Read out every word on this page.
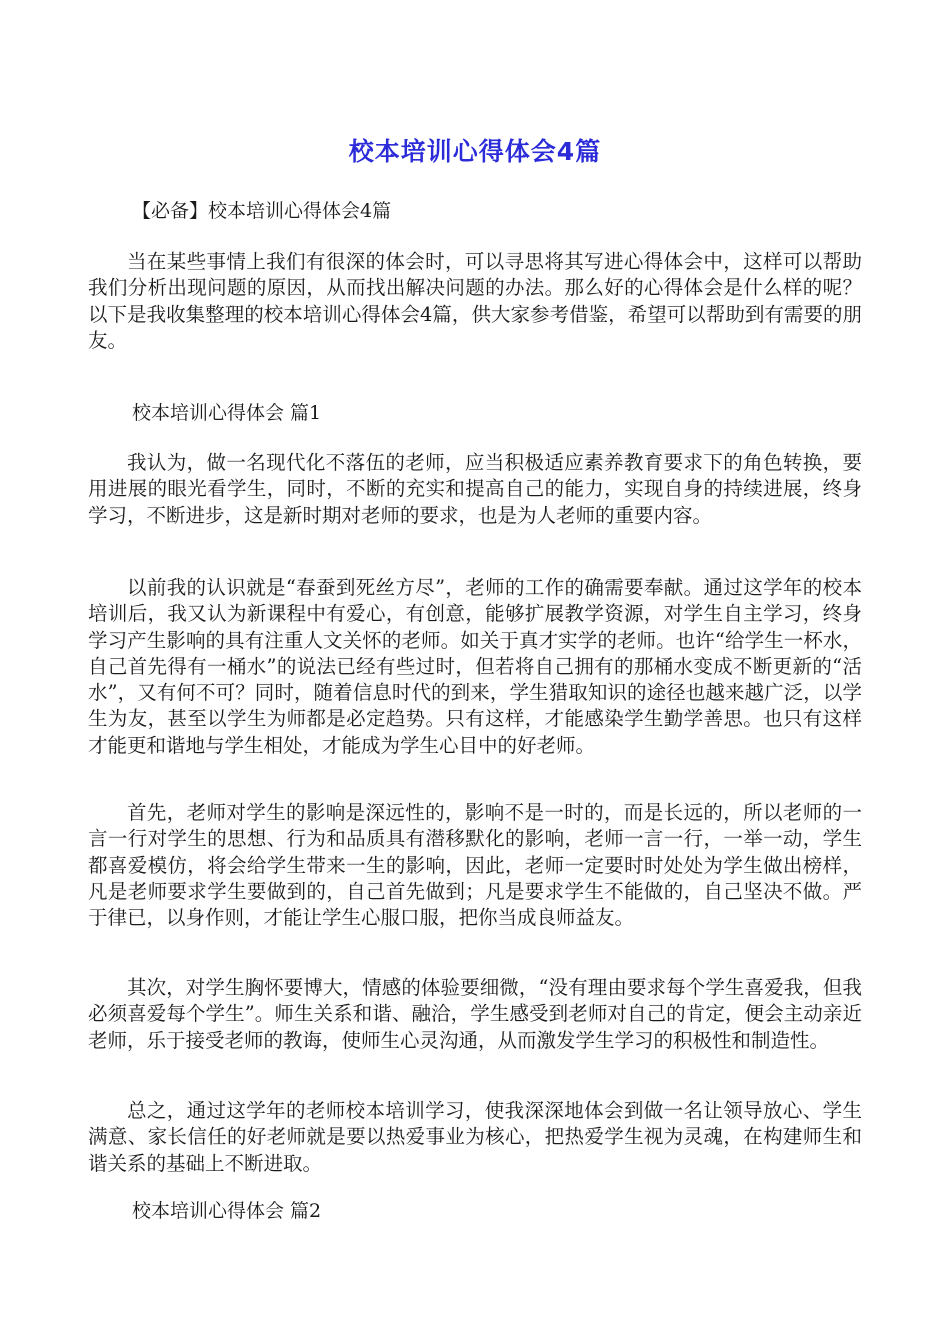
校本培训心得体会4篇
【必备】校本培训心得体会4篇

当在某些事情上我们有很深的体会时，可以寻思将其写进心得体会中，这样可以帮助我们分析出现问题的原因，从而找出解决问题的办法。那么好的心得体会是什么样的呢？以下是我收集整理的校本培训心得体会4篇，供大家参考借鉴，希望可以帮助到有需要的朋友。

校本培训心得体会 篇1

我认为，做一名现代化不落伍的老师，应当积极适应素养教育要求下的角色转换，要用进展的眼光看学生，同时，不断的充实和提高自己的能力，实现自身的持续进展，终身学习，不断进步，这是新时期对老师的要求，也是为人老师的重要内容。

以前我的认识就是“春蚕到死丝方尽”，老师的工作的确需要奉献。通过这学年的校本培训后，我又认为新课程中有爱心，有创意，能够扩展教学资源，对学生自主学习，终身学习产生影响的具有注重人文关怀的老师。如关于真才实学的老师。也许“给学生一杯水，自己首先得有一桶水”的说法已经有些过时，但若将自己拥有的那桶水变成不断更新的“活水”，又有何不可？同时，随着信息时代的到来，学生猎取知识的途径也越来越广泛，以学生为友，甚至以学生为师都是必定趋势。只有这样，才能感染学生勤学善思。也只有这样才能更和谐地与学生相处，才能成为学生心目中的好老师。

首先，老师对学生的影响是深远性的，影响不是一时的，而是长远的，所以老师的一言一行对学生的思想、行为和品质具有潜移默化的影响，老师一言一行，一举一动，学生都喜爱模仿，将会给学生带来一生的影响，因此，老师一定要时时处处为学生做出榜样，凡是老师要求学生要做到的，自己首先做到；凡是要求学生不能做的，自己坚决不做。严于律已，以身作则，才能让学生心服口服，把你当成良师益友。

其次，对学生胸怀要博大，情感的体验要细微，“没有理由要求每个学生喜爱我，但我必须喜爱每个学生”。师生关系和谐、融洽，学生感受到老师对自己的肯定，便会主动亲近老师，乐于接受老师的教诲，使师生心灵沟通，从而激发学生学习的积极性和制造性。

总之，通过这学年的老师校本培训学习，使我深深地体会到做一名让领导放心、学生满意、家长信任的好老师就是要以热爱事业为核心，把热爱学生视为灵魂，在构建师生和谐关系的基础上不断进取。

校本培训心得体会 篇2
